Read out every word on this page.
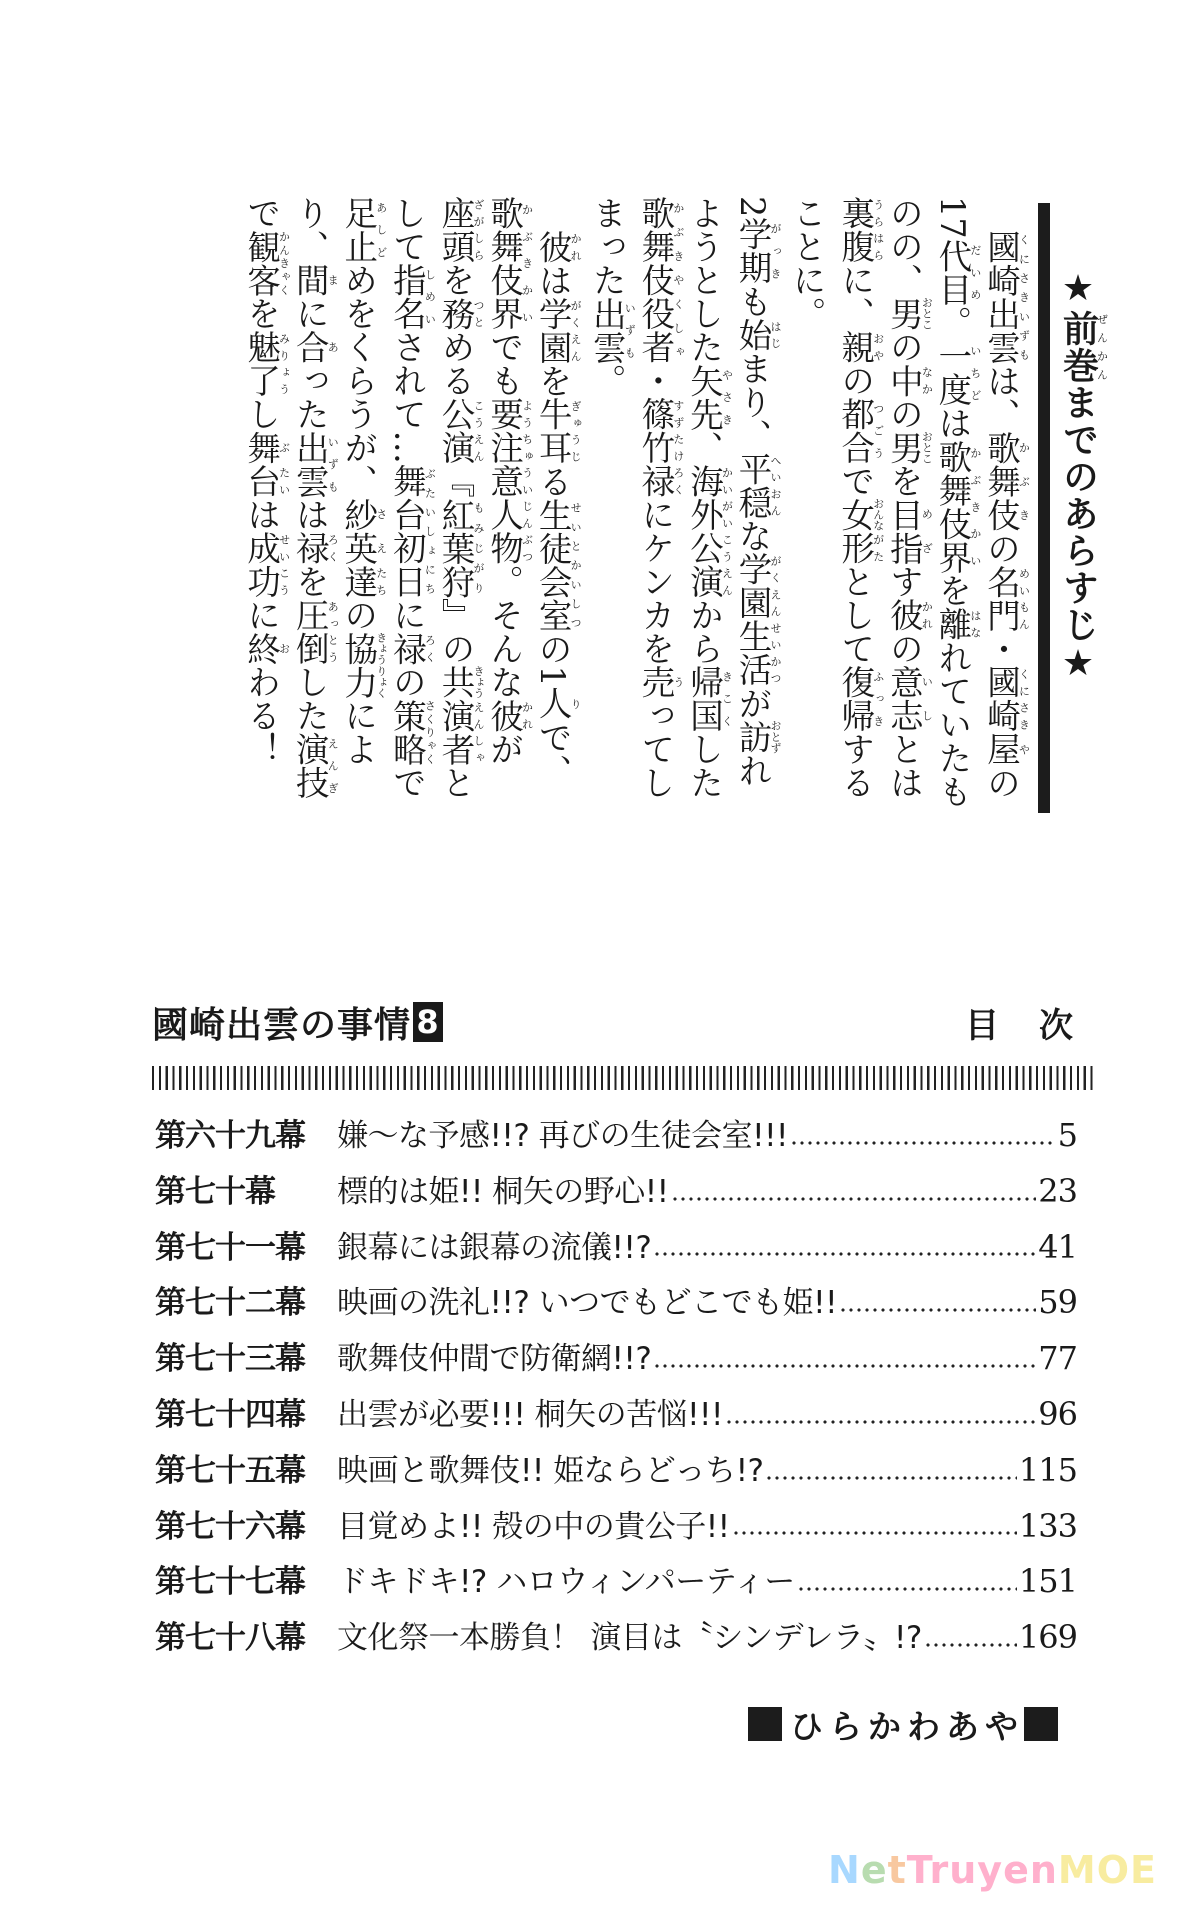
★前巻ぜんかんまでのあらすじ★

國崎出雲くにさきいずもは、歌舞伎かぶきの名門めいもん・國崎くにさき屋やの17代目だいめ。一度いちどは歌舞伎界かぶきかいを離はなれていたものの、男おとこの中なかの男おとこを目指めざす彼かれの意志いしとは裏腹うらはらに、親おやの都合つごうで女おんな形がたとして復帰ふっきすることに。

2学期がっきも始はじまり、平穏へいおんな学園生活がくえんせいかつが訪おとずれようとした矢先やさき、海外公演かいがいこうえんから帰国きこくした歌舞伎役者かぶきやくしゃ・篠竹禄すずたけろくにケンカを売うってしまった出雲いずも。

彼かれは学園がくえんを牛耳ぎゅうじる生徒会室せいとかいしつの1人りで、歌舞伎界かぶきかいでも要注意人物ようちゅういじんぶつ。そんな彼かれが座頭ざがしらを務つとめる公演こうえん『紅葉狩もみじがり』の共きょう演者えんしゃとして指名しめいされて…舞台初日ぶたいしょにちに禄ろくの策略さくりゃくで足止あしどめをくらうが、紗英さえ達たちの協力きょうりょくにより、間まに合あった出雲いずもは禄ろくを圧倒あっとうした演技えんぎで観客かんきゃくを魅了みりょうし舞ぶ台たいは成功せいこうに終おわる！

國崎出雲の事情 8	目次
第六十九幕	嫌〜な予感!!? 再びの生徒会室!!!	5
第七十幕	標的は姫!! 桐矢の野心!!	23
第七十一幕	銀幕には銀幕の流儀!!?	41
第七十二幕	映画の洗礼!!? いつでもどこでも姫!!	59
第七十三幕	歌舞伎仲間で防衛網!!?	77
第七十四幕	出雲が必要!!! 桐矢の苦悩!!!	96
第七十五幕	映画と歌舞伎!! 姫ならどっち!?	115
第七十六幕	目覚めよ!! 殻の中の貴公子!!	133
第七十七幕	ドキドキ!? ハロウィンパーティー	151
第七十八幕	文化祭一本勝負！ 演目は〝シンデレラ〟!?	169
ひらかわあや
NetTruyenMOE
